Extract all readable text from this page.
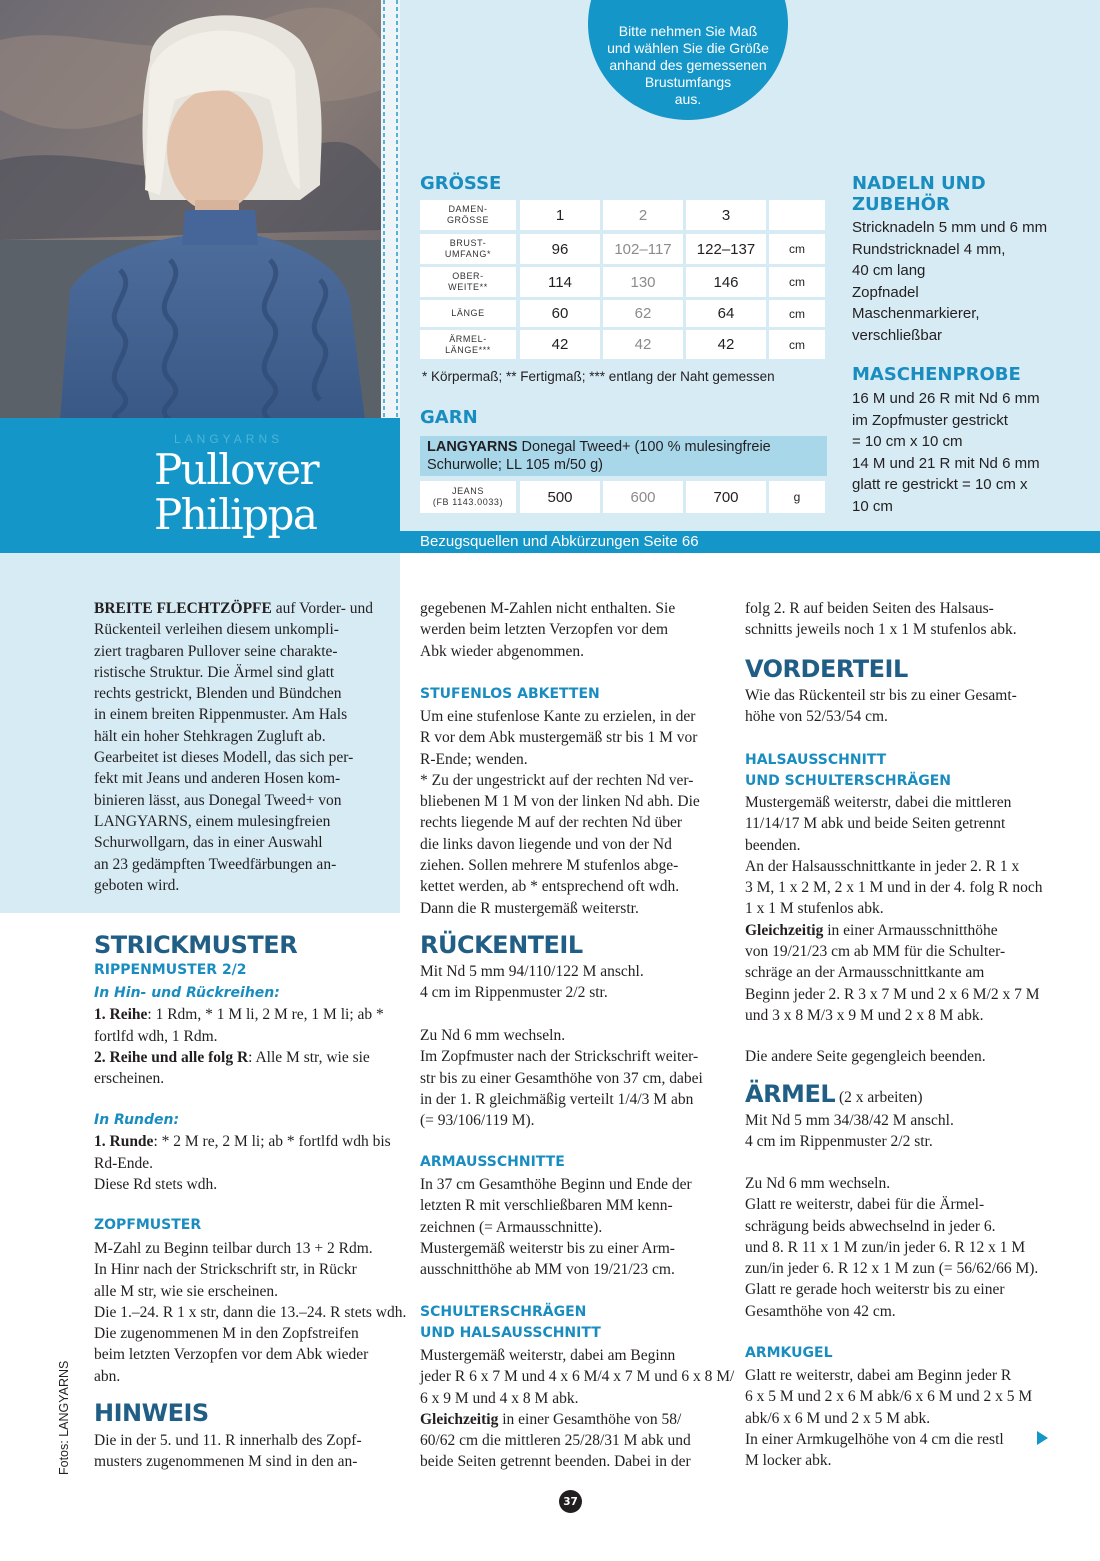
Bitte nehmen Sie Maß
und wählen Sie die Größe
anhand des gemessenen
Brustumfangs
aus.
LANGYARNS
Pullover
Philippa
GRÖSSE
DAMEN-
GRÖSSE	1	2	3
BRUST-
UMFANG*	96	102–117	122–137	cm
OBER-
WEITE**	114	130	146	cm
LÄNGE	60	62	64	cm
ÄRMEL-
LÄNGE***	42	42	42	cm
* Körpermaß; ** Fertigmaß; *** entlang der Naht gemessen
GARN
LANGYARNS Donegal Tweed+ (100 % mulesingfreie
Schurwolle; LL 105 m/50 g)
JEANS
(FB 1143.0033)	500	600	700	g
NADELN UND
ZUBEHÖR
Stricknadeln 5 mm und 6 mm
Rundstricknadel 4 mm,
40 cm lang
Zopfnadel
Maschenmarkierer,
verschließbar
MASCHENPROBE
16 M und 26 R mit Nd 6 mm
im Zopfmuster gestrickt
= 10 cm x 10 cm
14 M und 21 R mit Nd 6 mm
glatt re gestrickt = 10 cm x
10 cm
Bezugsquellen und Abkürzungen Seite 66
BREITE FLECHTZÖPFE auf Vorder- und
Rückenteil verleihen diesem unkompli-
ziert tragbaren Pullover seine charakte-
ristische Struktur. Die Ärmel sind glatt
rechts gestrickt, Blenden und Bündchen
in einem breiten Rippenmuster. Am Hals
hält ein hoher Stehkragen Zugluft ab.
Gearbeitet ist dieses Modell, das sich per-
fekt mit Jeans und anderen Hosen kom-
binieren lässt, aus Donegal Tweed+ von
LANGYARNS, einem mulesingfreien
Schurwollgarn, das in einer Auswahl
an 23 gedämpften Tweedfärbungen an-
geboten wird.
STRICKMUSTER
RIPPENMUSTER 2/2
In Hin- und Rückreihen:
1. Reihe: 1 Rdm, * 1 M li, 2 M re, 1 M li; ab *
fortlfd wdh, 1 Rdm.
2. Reihe und alle folg R: Alle M str, wie sie
erscheinen.
In Runden:
1. Runde: * 2 M re, 2 M li; ab * fortlfd wdh bis
Rd-Ende.
Diese Rd stets wdh.
ZOPFMUSTER
M-Zahl zu Beginn teilbar durch 13 + 2 Rdm.
In Hinr nach der Strickschrift str, in Rückr
alle M str, wie sie erscheinen.
Die 1.–24. R 1 x str, dann die 13.–24. R stets wdh.
Die zugenommenen M in den Zopfstreifen
beim letzten Verzopfen vor dem Abk wieder
abn.
HINWEIS
Die in der 5. und 11. R innerhalb des Zopf-
musters zugenommenen M sind in den an-
gegebenen M-Zahlen nicht enthalten. Sie
werden beim letzten Verzopfen vor dem
Abk wieder abgenommen.
STUFENLOS ABKETTEN
Um eine stufenlose Kante zu erzielen, in der
R vor dem Abk mustergemäß str bis 1 M vor
R-Ende; wenden.
* Zu der ungestrickt auf der rechten Nd ver-
bliebenen M 1 M von der linken Nd abh. Die
rechts liegende M auf der rechten Nd über
die links davon liegende und von der Nd
ziehen. Sollen mehrere M stufenlos abge-
kettet werden, ab * entsprechend oft wdh.
Dann die R mustergemäß weiterstr.
RÜCKENTEIL
Mit Nd 5 mm 94/110/122 M anschl.
4 cm im Rippenmuster 2/2 str.
Zu Nd 6 mm wechseln.
Im Zopfmuster nach der Strickschrift weiter-
str bis zu einer Gesamthöhe von 37 cm, dabei
in der 1. R gleichmäßig verteilt 1/4/3 M abn
(= 93/106/119 M).
ARMAUSSCHNITTE
In 37 cm Gesamthöhe Beginn und Ende der
letzten R mit verschließbaren MM kenn-
zeichnen (= Armausschnitte).
Mustergemäß weiterstr bis zu einer Arm-
ausschnitthöhe ab MM von 19/21/23 cm.
SCHULTERSCHRÄGEN
UND HALSAUSSCHNITT
Mustergemäß weiterstr, dabei am Beginn
jeder R 6 x 7 M und 4 x 6 M/4 x 7 M und 6 x 8 M/
6 x 9 M und 4 x 8 M abk.
Gleichzeitig in einer Gesamthöhe von 58/
60/62 cm die mittleren 25/28/31 M abk und
beide Seiten getrennt beenden. Dabei in der
folg 2. R auf beiden Seiten des Halsaus-
schnitts jeweils noch 1 x 1 M stufenlos abk.
VORDERTEIL
Wie das Rückenteil str bis zu einer Gesamt-
höhe von 52/53/54 cm.
HALSAUSSCHNITT
UND SCHULTERSCHRÄGEN
Mustergemäß weiterstr, dabei die mittleren
11/14/17 M abk und beide Seiten getrennt
beenden.
An der Halsausschnittkante in jeder 2. R 1 x
3 M, 1 x 2 M, 2 x 1 M und in der 4. folg R noch
1 x 1 M stufenlos abk.
Gleichzeitig in einer Armausschnitthöhe
von 19/21/23 cm ab MM für die Schulter-
schräge an der Armausschnittkante am
Beginn jeder 2. R 3 x 7 M und 2 x 6 M/2 x 7 M
und 3 x 8 M/3 x 9 M und 2 x 8 M abk.
Die andere Seite gegengleich beenden.
ÄRMEL (2 x arbeiten)
Mit Nd 5 mm 34/38/42 M anschl.
4 cm im Rippenmuster 2/2 str.
Zu Nd 6 mm wechseln.
Glatt re weiterstr, dabei für die Ärmel-
schrägung beids abwechselnd in jeder 6.
und 8. R 11 x 1 M zun/in jeder 6. R 12 x 1 M
zun/in jeder 6. R 12 x 1 M zun (= 56/62/66 M).
Glatt re gerade hoch weiterstr bis zu einer
Gesamthöhe von 42 cm.
ARMKUGEL
Glatt re weiterstr, dabei am Beginn jeder R
6 x 5 M und 2 x 6 M abk/6 x 6 M und 2 x 5 M
abk/6 x 6 M und 2 x 5 M abk.
In einer Armkugelhöhe von 4 cm die restl
M locker abk.
Fotos: LANGYARNS
37
